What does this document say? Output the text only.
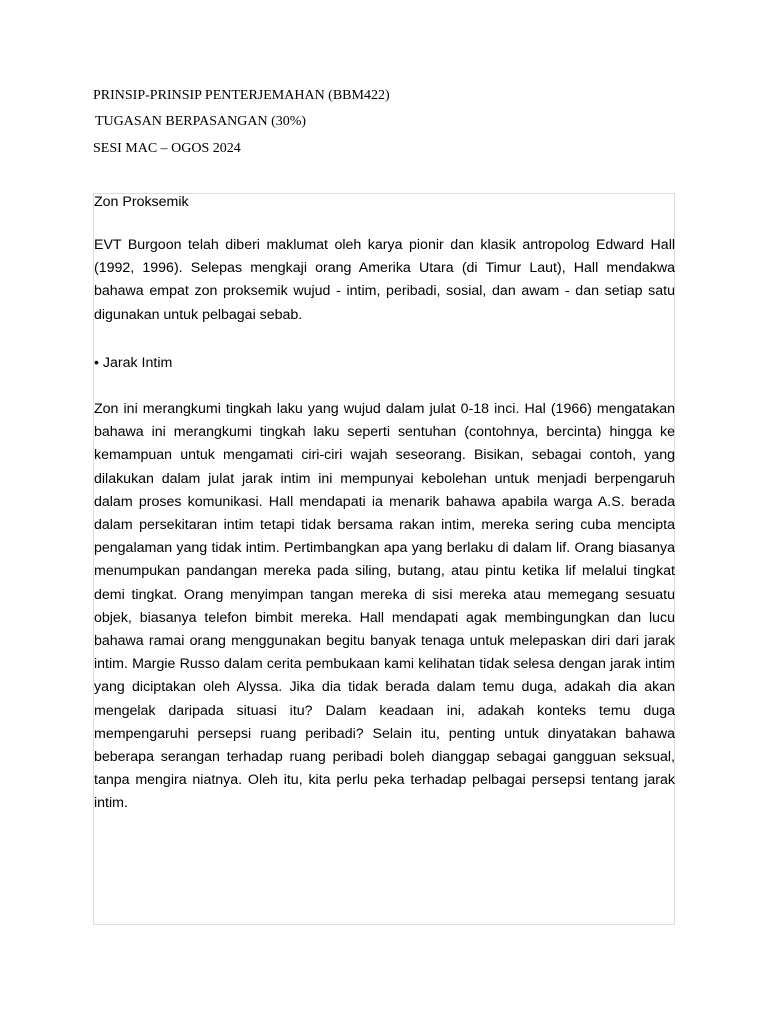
PRINSIP-PRINSIP PENTERJEMAHAN (BBM422)
TUGASAN BERPASANGAN (30%)
SESI MAC – OGOS 2024

Zon Proksemik

EVT Burgoon telah diberi maklumat oleh karya pionir dan klasik antropolog Edward Hall (1992, 1996). Selepas mengkaji orang Amerika Utara (di Timur Laut), Hall mendakwa bahawa empat zon proksemik wujud - intim, peribadi, sosial, dan awam - dan setiap satu digunakan untuk pelbagai sebab.

• Jarak Intim

Zon ini merangkumi tingkah laku yang wujud dalam julat 0-18 inci. Hal (1966) mengatakan bahawa ini merangkumi tingkah laku seperti sentuhan (contohnya, bercinta) hingga ke kemampuan untuk mengamati ciri-ciri wajah seseorang. Bisikan, sebagai contoh, yang dilakukan dalam julat jarak intim ini mempunyai kebolehan untuk menjadi berpengaruh dalam proses komunikasi. Hall mendapati ia menarik bahawa apabila warga A.S. berada dalam persekitaran intim tetapi tidak bersama rakan intim, mereka sering cuba mencipta pengalaman yang tidak intim. Pertimbangkan apa yang berlaku di dalam lif. Orang biasanya menumpukan pandangan mereka pada siling, butang, atau pintu ketika lif melalui tingkat demi tingkat. Orang menyimpan tangan mereka di sisi mereka atau memegang sesuatu objek, biasanya telefon bimbit mereka. Hall mendapati agak membingungkan dan lucu bahawa ramai orang menggunakan begitu banyak tenaga untuk melepaskan diri dari jarak intim. Margie Russo dalam cerita pembukaan kami kelihatan tidak selesa dengan jarak intim yang diciptakan oleh Alyssa. Jika dia tidak berada dalam temu duga, adakah dia akan mengelak daripada situasi itu? Dalam keadaan ini, adakah konteks temu duga mempengaruhi persepsi ruang peribadi? Selain itu, penting untuk dinyatakan bahawa beberapa serangan terhadap ruang peribadi boleh dianggap sebagai gangguan seksual, tanpa mengira niatnya. Oleh itu, kita perlu peka terhadap pelbagai persepsi tentang jarak intim.
